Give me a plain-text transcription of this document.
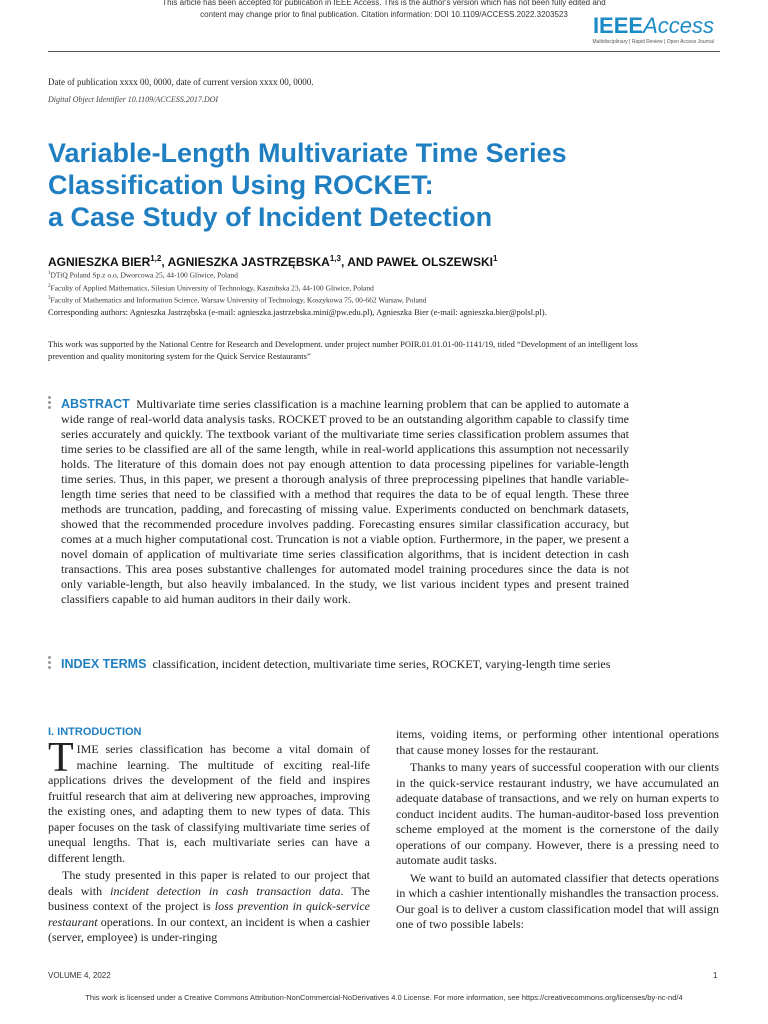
This article has been accepted for publication in IEEE Access. This is the author's version which has not been fully edited and
content may change prior to final publication. Citation information: DOI 10.1109/ACCESS.2022.3203523	IEEEAccess
Multidisciplinary | Rapid Review | Open Access Journal
Date of publication xxxx 00, 0000, date of current version xxxx 00, 0000.
Digital Object Identifier 10.1109/ACCESS.2017.DOI
Variable-Length Multivariate Time Series
Classification Using ROCKET:
a Case Study of Incident Detection
AGNIESZKA BIER$^{1,2}$, AGNIESZKA JASTRZĘBSKA$^{1,3}$, AND PAWEŁ OLSZEWSKI$^1$
$^1$DTiQ Poland Sp.z o.o, Dworcowa 25, 44-100 Gliwice, Poland
$^2$Faculty of Applied Mathematics, Silesian University of Technology, Kaszubska 23, 44-100 Gliwice, Poland
$^3$Faculty of Mathematics and Information Science, Warsaw University of Technology, Koszykowa 75, 00-662 Warsaw, Poland
Corresponding authors: Agnieszka Jastrzębska (e-mail: agnieszka.jastrzebska.mini@pw.edu.pl), Agnieszka Bier (e-mail: agnieszka.bier@polsl.pl).
This work was supported by the National Centre for Research and Development. under project number POIR.01.01.01-00-1141/19, titled “Development of an intelligent loss prevention and quality monitoring system for the Quick Service Restaurants”
ABSTRACT Multivariate time series classification is a machine learning problem that can be applied to automate a wide range of real-world data analysis tasks. ROCKET proved to be an outstanding algorithm capable to classify time series accurately and quickly. The textbook variant of the multivariate time series classification problem assumes that time series to be classified are all of the same length, while in real-world applications this assumption not necessarily holds. The literature of this domain does not pay enough attention to data processing pipelines for variable-length time series. Thus, in this paper, we present a thorough analysis of three preprocessing pipelines that handle variable-length time series that need to be classified with a method that requires the data to be of equal length. These three methods are truncation, padding, and forecasting of missing value. Experiments conducted on benchmark datasets, showed that the recommended procedure involves padding. Forecasting ensures similar classification accuracy, but comes at a much higher computational cost. Truncation is not a viable option. Furthermore, in the paper, we present a novel domain of application of multivariate time series classification algorithms, that is incident detection in cash transactions. This area poses substantive challenges for automated model training procedures since the data is not only variable-length, but also heavily imbalanced. In the study, we list various incident types and present trained classifiers capable to aid human auditors in their daily work.
INDEX TERMS classification, incident detection, multivariate time series, ROCKET, varying-length time series
I. INTRODUCTION

TIME series classification has become a vital domain of machine learning. The multitude of exciting real-life applications drives the development of the field and inspires fruitful research that aim at delivering new approaches, improving the existing ones, and adapting them to new types of data. This paper focuses on the task of classifying multivariate time series of unequal lengths. That is, each multivariate series can have a different length.

The study presented in this paper is related to our project that deals with incident detection in cash transaction data. The business context of the project is loss prevention in quick-service restaurant operations. In our context, an incident is when a cashier (server, employee) is under-ringing

items, voiding items, or performing other intentional operations that cause money losses for the restaurant.

Thanks to many years of successful cooperation with our clients in the quick-service restaurant industry, we have accumulated an adequate database of transactions, and we rely on human experts to conduct incident audits. The human-auditor-based loss prevention scheme employed at the moment is the cornerstone of the daily operations of our company. However, there is a pressing need to automate audit tasks.

We want to build an automated classifier that detects operations in which a cashier intentionally mishandles the transaction process. Our goal is to deliver a custom classification model that will assign one of two possible labels:

VOLUME 4, 2022	1
This work is licensed under a Creative Commons Attribution-NonCommercial-NoDerivatives 4.0 License. For more information, see https://creativecommons.org/licenses/by-nc-nd/4
